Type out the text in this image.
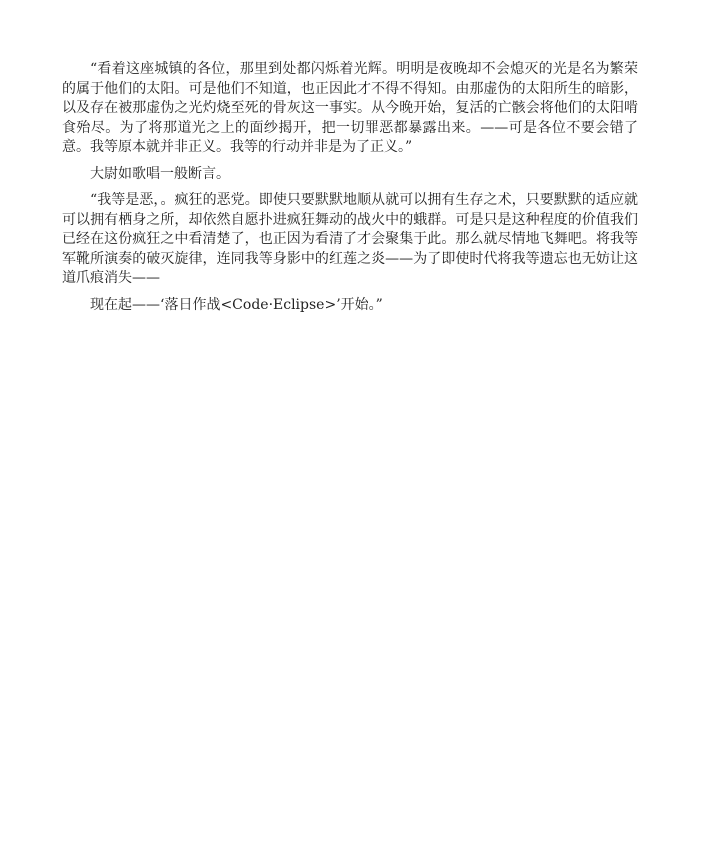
“看着这座城镇的各位，那里到处都闪烁着光辉。明明是夜晚却不会熄灭的光是名为繁荣的属于他们的太阳。可是他们不知道，也正因此才不得不得知。由那虚伪的太阳所生的暗影，以及存在被那虚伪之光灼烧至死的骨灰这一事实。从今晚开始，复活的亡骸会将他们的太阳啃食殆尽。为了将那道光之上的面纱揭开，把一切罪恶都暴露出来。——可是各位不要会错了意。我等原本就并非正义。我等的行动并非是为了正义。”

大尉如歌唱一般断言。

“我等是恶，。疯狂的恶党。即使只要默默地顺从就可以拥有生存之术，只要默默的适应就可以拥有栖身之所，却依然自愿扑进疯狂舞动的战火中的蛾群。可是只是这种程度的价值我们已经在这份疯狂之中看清楚了，也正因为看清了才会聚集于此。那么就尽情地飞舞吧。将我等军靴所演奏的破灭旋律，连同我等身影中的红莲之炎——为了即使时代将我等遗忘也无妨让这道爪痕消失——

现在起——‘落日作战<Code·Eclipse>’开始。”
